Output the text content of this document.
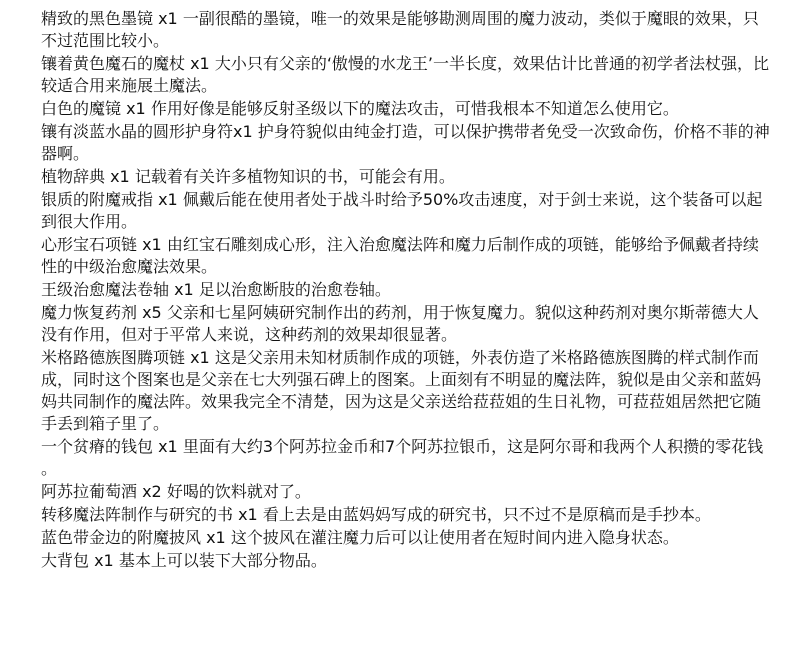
精致的黑色墨镜 x1 一副很酷的墨镜，唯一的效果是能够勘测周围的魔力波动，类似于魔眼的效果，只不过范围比较小。
镶着黄色魔石的魔杖 x1 大小只有父亲的‘傲慢的水龙王’一半长度，效果估计比普通的初学者法杖强，比较适合用来施展土魔法。
白色的魔镜 x1 作用好像是能够反射圣级以下的魔法攻击，可惜我根本不知道怎么使用它。
镶有淡蓝水晶的圆形护身符x1 护身符貌似由纯金打造，可以保护携带者免受一次致命伤，价格不菲的神器啊。
植物辞典 x1 记载着有关许多植物知识的书，可能会有用。
银质的附魔戒指 x1 佩戴后能在使用者处于战斗时给予50%攻击速度，对于剑士来说，这个装备可以起到很大作用。
心形宝石项链 x1 由红宝石雕刻成心形，注入治愈魔法阵和魔力后制作成的项链，能够给予佩戴者持续性的中级治愈魔法效果。
王级治愈魔法卷轴 x1 足以治愈断肢的治愈卷轴。
魔力恢复药剂 x5 父亲和七星阿姨研究制作出的药剂，用于恢复魔力。貌似这种药剂对奥尔斯蒂德大人没有作用，但对于平常人来说，这种药剂的效果却很显著。
米格路德族图腾项链 x1 这是父亲用未知材质制作成的项链，外表仿造了米格路德族图腾的样式制作而成，同时这个图案也是父亲在七大列强石碑上的图案。上面刻有不明显的魔法阵，貌似是由父亲和蓝妈妈共同制作的魔法阵。效果我完全不清楚，因为这是父亲送给菈菈姐的生日礼物，可菈菈姐居然把它随手丢到箱子里了。
一个贫瘠的钱包 x1 里面有大约3个阿苏拉金币和7个阿苏拉银币，这是阿尔哥和我两个人积攒的零花钱。
阿苏拉葡萄酒 x2 好喝的饮料就对了。
转移魔法阵制作与研究的书 x1 看上去是由蓝妈妈写成的研究书，只不过不是原稿而是手抄本。
蓝色带金边的附魔披风 x1 这个披风在灌注魔力后可以让使用者在短时间内进入隐身状态。
大背包 x1 基本上可以装下大部分物品。
